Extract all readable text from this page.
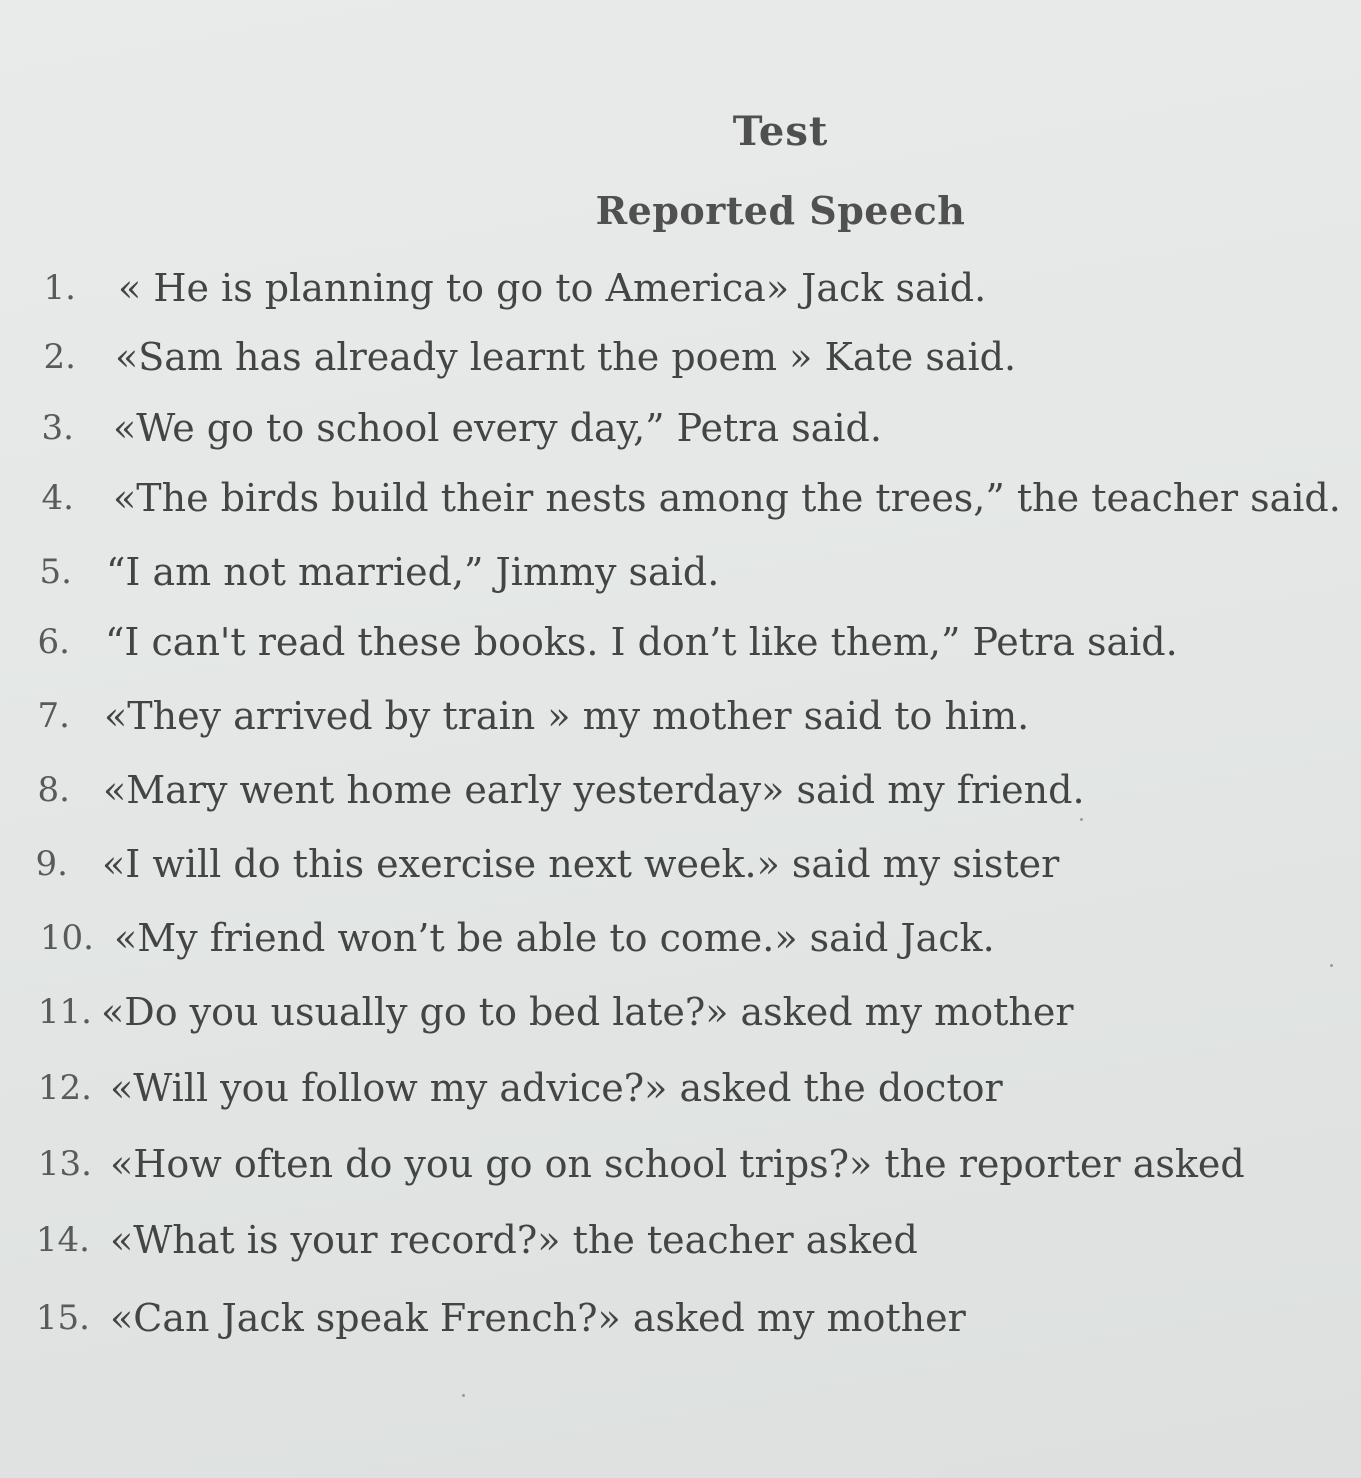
Test
Reported Speech
1. « He is planning to go to America» Jack said.
2. «Sam has already learnt the poem » Kate said.
3. «We go to school every day,” Petra said.
4. «The birds build their nests among the trees,” the teacher said.
5. “I am not married,” Jimmy said.
6. “I can't read these books. I don’t like them,” Petra said.
7. «They arrived by train » my mother said to him.
8. «Mary went home early yesterday» said my friend.
9. «I will do this exercise next week.» said my sister
10. «My friend won’t be able to come.» said Jack.
11. «Do you usually go to bed late?» asked my mother
12. «Will you follow my advice?» asked the doctor
13. «How often do you go on school trips?» the reporter asked
14. «What is your record?» the teacher asked
15. «Can Jack speak French?» asked my mother
